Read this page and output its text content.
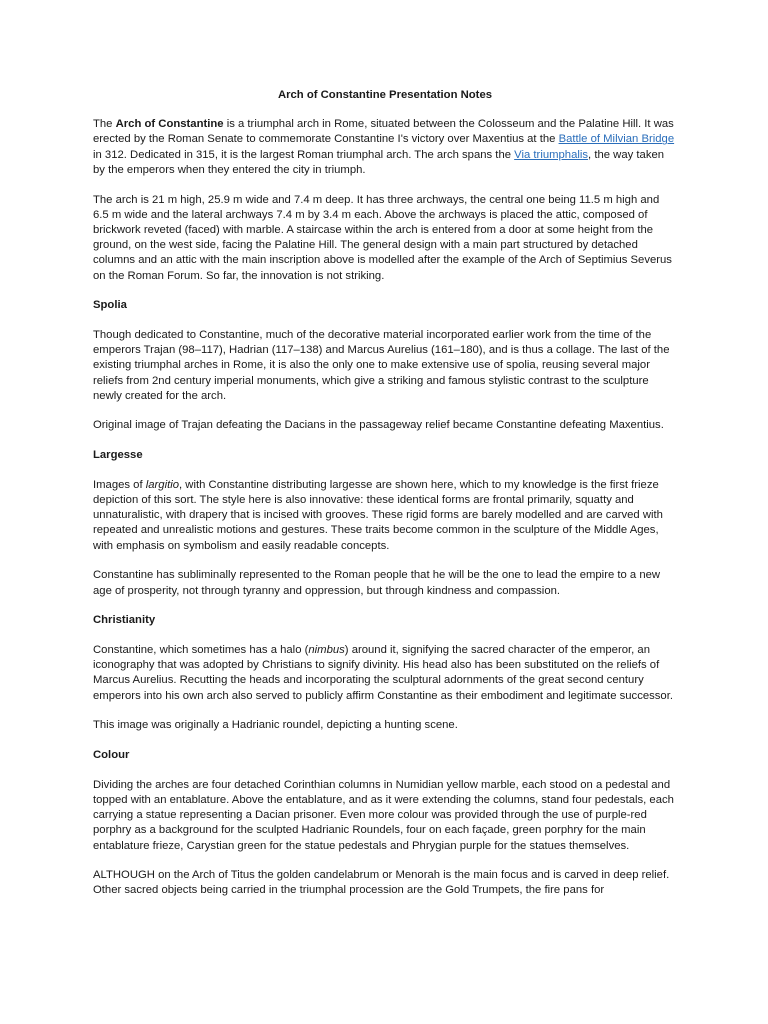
Arch of Constantine Presentation Notes

The Arch of Constantine is a triumphal arch in Rome, situated between the Colosseum and the Palatine Hill. It was erected by the Roman Senate to commemorate Constantine I's victory over Maxentius at the Battle of Milvian Bridge in 312. Dedicated in 315, it is the largest Roman triumphal arch. The arch spans the Via triumphalis, the way taken by the emperors when they entered the city in triumph.

The arch is 21 m high, 25.9 m wide and 7.4 m deep. It has three archways, the central one being 11.5 m high and 6.5 m wide and the lateral archways 7.4 m by 3.4 m each. Above the archways is placed the attic, composed of brickwork reveted (faced) with marble. A staircase within the arch is entered from a door at some height from the ground, on the west side, facing the Palatine Hill. The general design with a main part structured by detached columns and an attic with the main inscription above is modelled after the example of the Arch of Septimius Severus on the Roman Forum. So far, the innovation is not striking.

Spolia

Though dedicated to Constantine, much of the decorative material incorporated earlier work from the time of the emperors Trajan (98–117), Hadrian (117–138) and Marcus Aurelius (161–180), and is thus a collage. The last of the existing triumphal arches in Rome, it is also the only one to make extensive use of spolia, reusing several major reliefs from 2nd century imperial monuments, which give a striking and famous stylistic contrast to the sculpture newly created for the arch.

Original image of Trajan defeating the Dacians in the passageway relief became Constantine defeating Maxentius.

Largesse

Images of largitio, with Constantine distributing largesse are shown here, which to my knowledge is the first frieze depiction of this sort. The style here is also innovative: these identical forms are frontal primarily, squatty and unnaturalistic, with drapery that is incised with grooves. These rigid forms are barely modelled and are carved with repeated and unrealistic motions and gestures. These traits become common in the sculpture of the Middle Ages, with emphasis on symbolism and easily readable concepts.

Constantine has subliminally represented to the Roman people that he will be the one to lead the empire to a new age of prosperity, not through tyranny and oppression, but through kindness and compassion.

Christianity

Constantine, which sometimes has a halo (nimbus) around it, signifying the sacred character of the emperor, an iconography that was adopted by Christians to signify divinity. His head also has been substituted on the reliefs of Marcus Aurelius. Recutting the heads and incorporating the sculptural adornments of the great second century emperors into his own arch also served to publicly affirm Constantine as their embodiment and legitimate successor.

This image was originally a Hadrianic roundel, depicting a hunting scene.

Colour

Dividing the arches are four detached Corinthian columns in Numidian yellow marble, each stood on a pedestal and topped with an entablature. Above the entablature, and as it were extending the columns, stand four pedestals, each carrying a statue representing a Dacian prisoner. Even more colour was provided through the use of purple-red porphry as a background for the sculpted Hadrianic Roundels, four on each façade, green porphry for the main entablature frieze, Carystian green for the statue pedestals and Phrygian purple for the statues themselves.

ALTHOUGH on the Arch of Titus the golden candelabrum or Menorah is the main focus and is carved in deep relief. Other sacred objects being carried in the triumphal procession are the Gold Trumpets, the fire pans for
